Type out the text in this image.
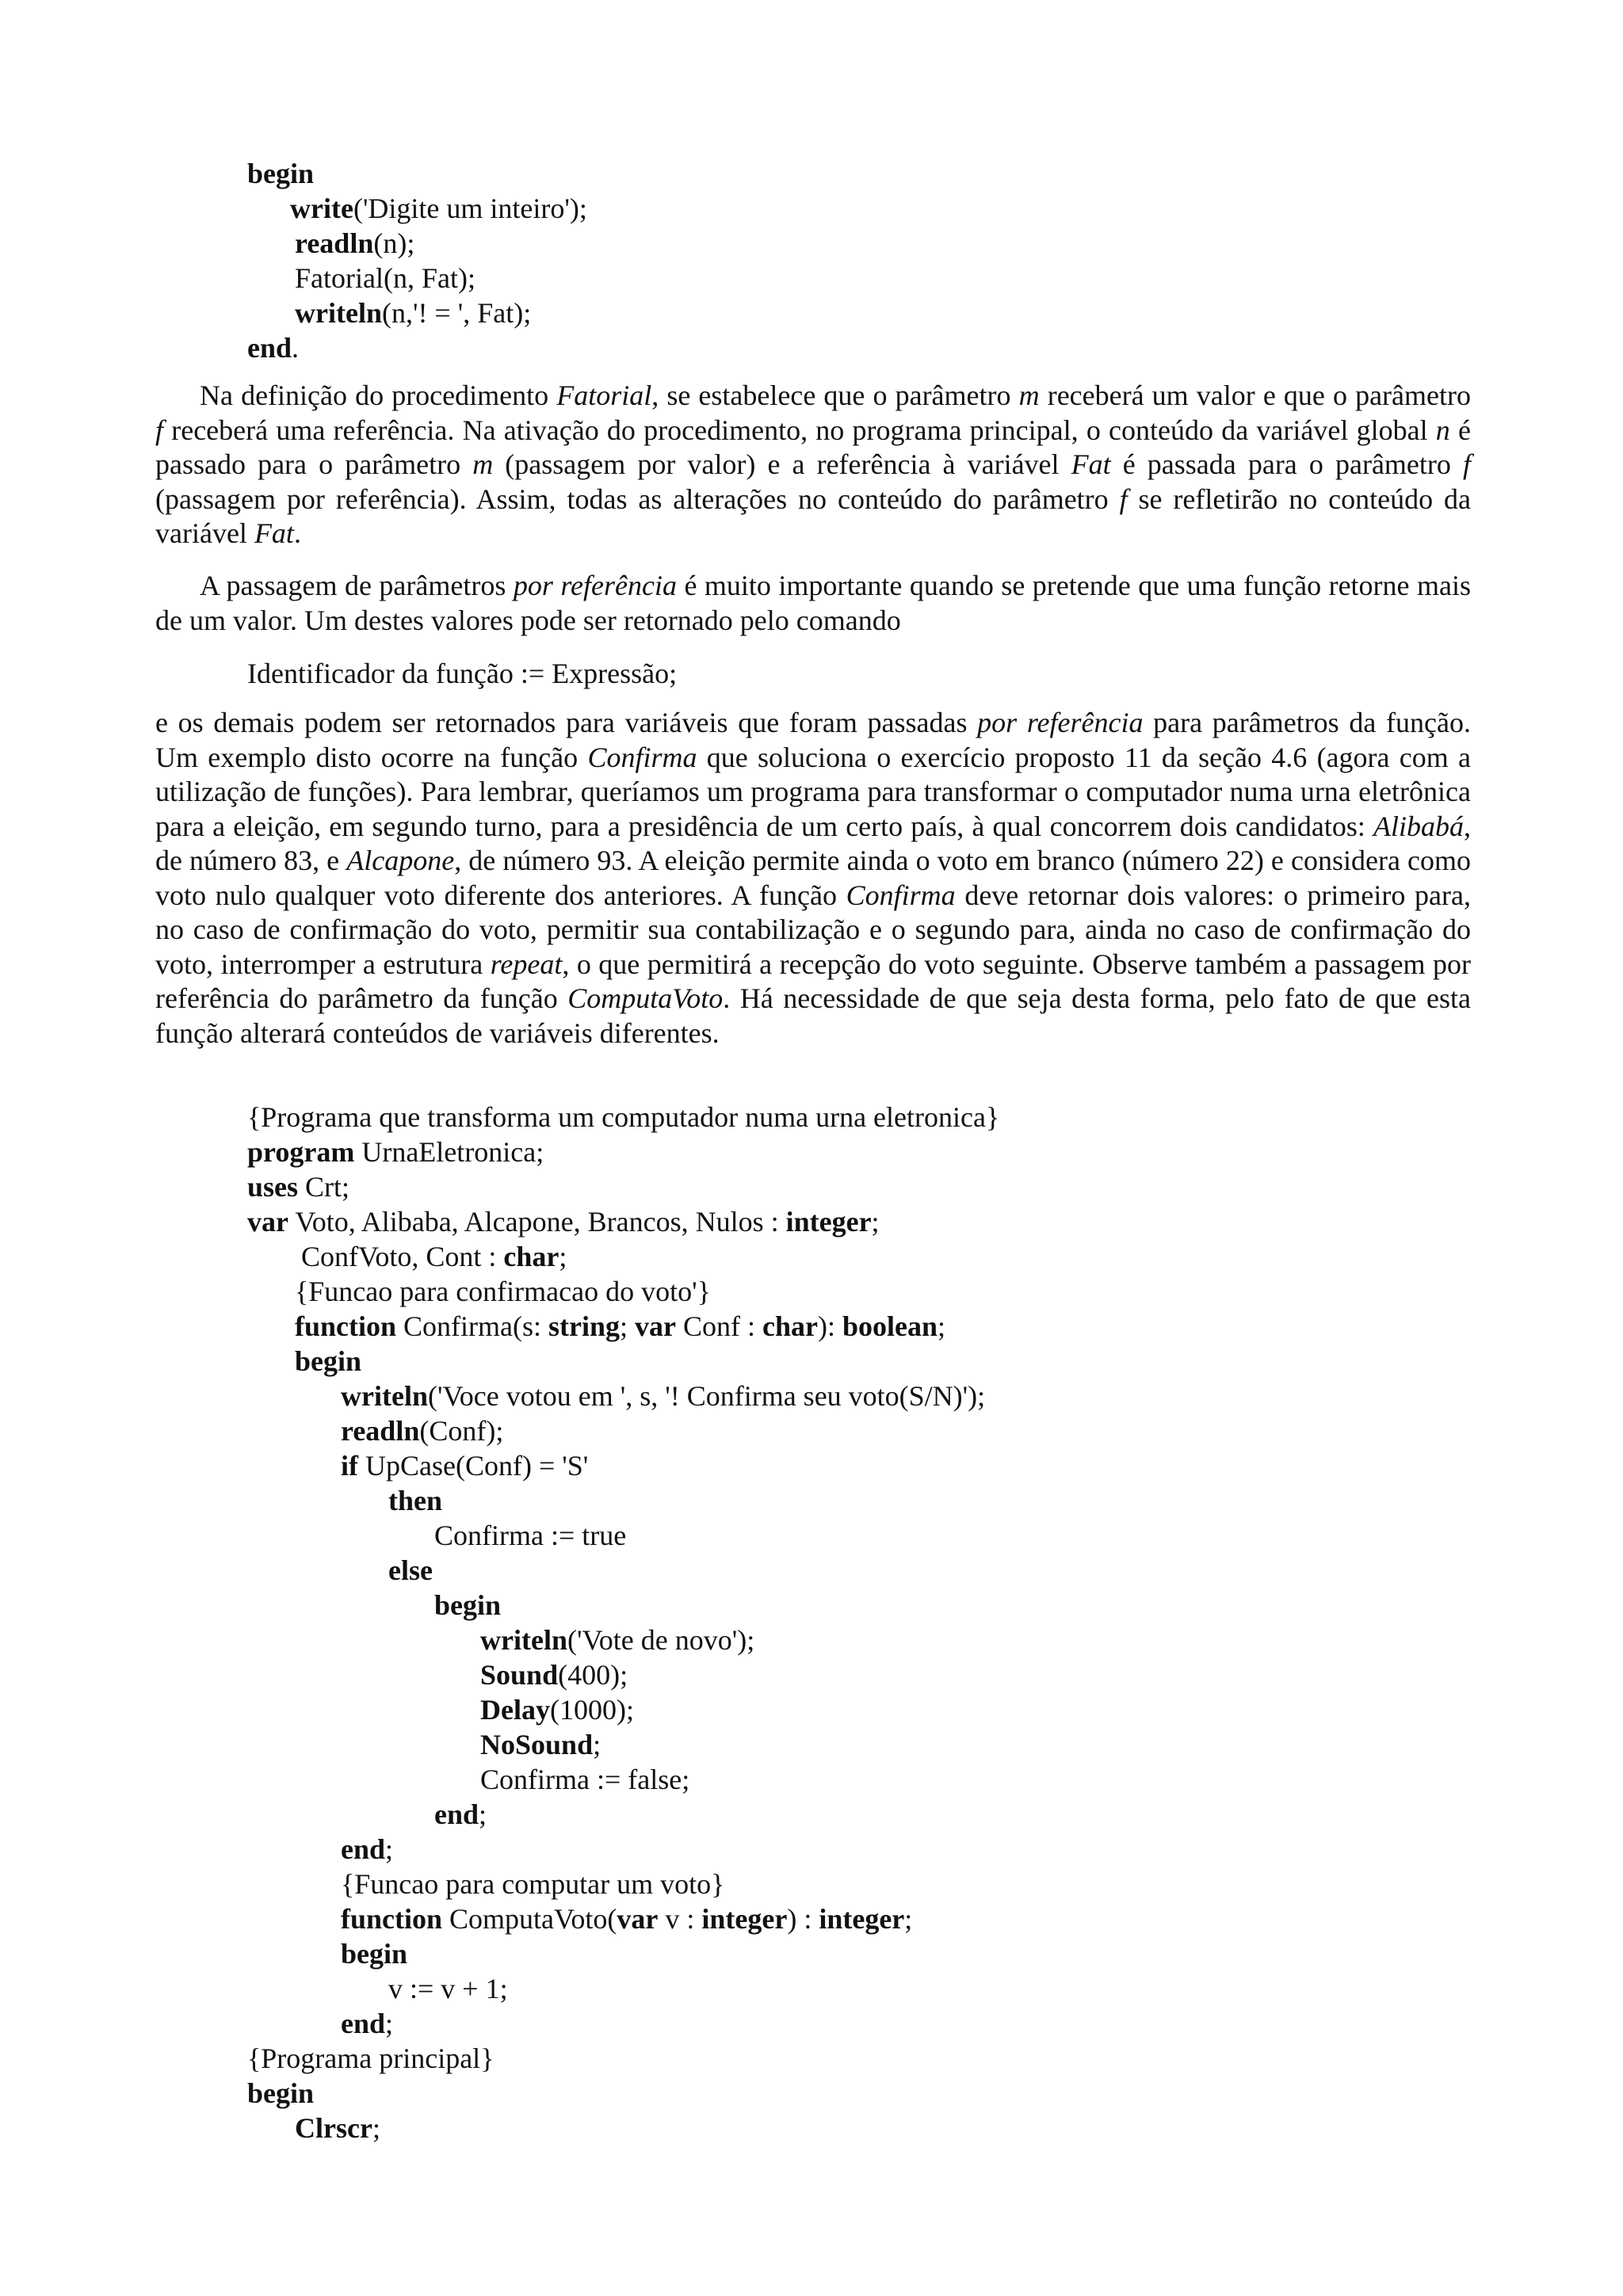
begin
write('Digite um inteiro');
readln(n);
Fatorial(n, Fat);
writeln(n,'! = ', Fat);
end.

Na definição do procedimento Fatorial, se estabelece que o parâmetro m receberá um valor e que o parâmetro f receberá uma referência. Na ativação do procedimento, no programa principal, o conteúdo da variável global n é passado para o parâmetro m (passagem por valor) e a referência à variável Fat é passada para o parâmetro f (passagem por referência). Assim, todas as alterações no conteúdo do parâmetro f se refletirão no conteúdo da variável Fat.

A passagem de parâmetros por referência é muito importante quando se pretende que uma função retorne mais de um valor. Um destes valores pode ser retornado pelo comando

Identificador da função := Expressão;

e os demais podem ser retornados para variáveis que foram passadas por referência para parâmetros da função. Um exemplo disto ocorre na função Confirma que soluciona o exercício proposto 11 da seção 4.6 (agora com a utilização de funções). Para lembrar, queríamos um programa para transformar o computador numa urna eletrônica para a eleição, em segundo turno, para a presidência de um certo país, à qual concorrem dois candidatos: Alibabá, de número 83, e Alcapone, de número 93. A eleição permite ainda o voto em branco (número 22) e considera como voto nulo qualquer voto diferente dos anteriores. A função Confirma deve retornar dois valores: o primeiro para, no caso de confirmação do voto, permitir sua contabilização e o segundo para, ainda no caso de confirmação do voto, interromper a estrutura repeat, o que permitirá a recepção do voto seguinte. Observe também a passagem por referência do parâmetro da função ComputaVoto. Há necessidade de que seja desta forma, pelo fato de que esta função alterará conteúdos de variáveis diferentes.

{Programa que transforma um computador numa urna eletronica}
program UrnaEletronica;
uses Crt;
var Voto, Alibaba, Alcapone, Brancos, Nulos : integer;
ConfVoto, Cont : char;
{Funcao para confirmacao do voto'}
function Confirma(s: string; var Conf : char): boolean;
begin
writeln('Voce votou em ', s, '! Confirma seu voto(S/N)');
readln(Conf);
if UpCase(Conf) = 'S'
then
Confirma := true
else
begin
writeln('Vote de novo');
Sound(400);
Delay(1000);
NoSound;
Confirma := false;
end;
end;
{Funcao para computar um voto}
function ComputaVoto(var v : integer) : integer;
begin
v := v + 1;
end;
{Programa principal}
begin
Clrscr;
